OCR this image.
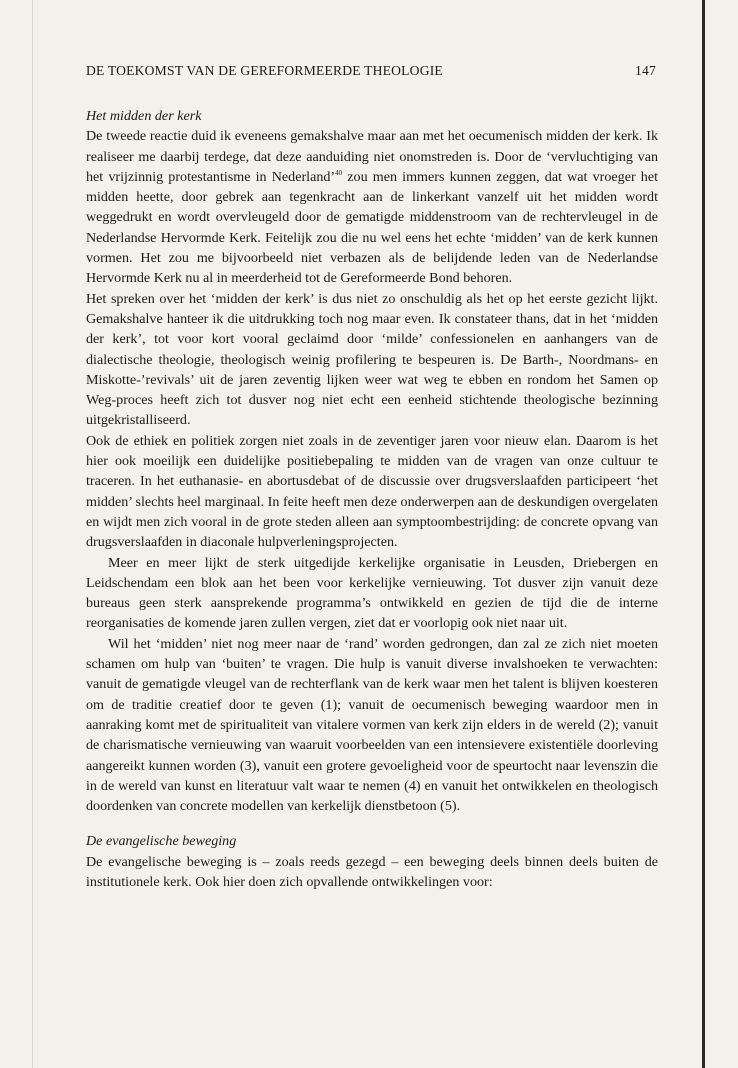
DE TOEKOMST VAN DE GEREFORMEERDE THEOLOGIE	147

Het midden der kerk

De tweede reactie duid ik eveneens gemakshalve maar aan met het oecumenisch midden der kerk. Ik realiseer me daarbij terdege, dat deze aanduiding niet onomstreden is. Door de ‘vervluchtiging van het vrijzinnig protestantisme in Nederland’$^{40}$ zou men immers kunnen zeggen, dat wat vroeger het midden heette, door gebrek aan tegenkracht aan de linkerkant vanzelf uit het midden wordt weggedrukt en wordt overvleugeld door de gematigde middenstroom van de rechtervleugel in de Nederlandse Hervormde Kerk. Feitelijk zou die nu wel eens het echte ‘midden’ van de kerk kunnen vormen. Het zou me bijvoorbeeld niet verbazen als de belijdende leden van de Nederlandse Hervormde Kerk nu al in meerderheid tot de Gereformeerde Bond behoren.

Het spreken over het ‘midden der kerk’ is dus niet zo onschuldig als het op het eerste gezicht lijkt. Gemakshalve hanteer ik die uitdrukking toch nog maar even. Ik constateer thans, dat in het ‘midden der kerk’, tot voor kort vooral geclaimd door ‘milde’ confessionelen en aanhangers van de dialectische theologie, theologisch weinig profilering te bespeuren is. De Barth-, Noordmans- en Miskotte-’revivals’ uit de jaren zeventig lijken weer wat weg te ebben en rondom het Samen op Weg-proces heeft zich tot dusver nog niet echt een eenheid stichtende theologische bezinning uitgekristalliseerd.

Ook de ethiek en politiek zorgen niet zoals in de zeventiger jaren voor nieuw elan. Daarom is het hier ook moeilijk een duidelijke positiebepaling te midden van de vragen van onze cultuur te traceren. In het euthanasie- en abortusdebat of de discussie over drugsverslaafden participeert ‘het midden’ slechts heel marginaal. In feite heeft men deze onderwerpen aan de deskundigen overgelaten en wijdt men zich vooral in de grote steden alleen aan symptoombestrijding: de concrete opvang van drugsverslaafden in diaconale hulpverleningsprojecten.

Meer en meer lijkt de sterk uitgedijde kerkelijke organisatie in Leusden, Driebergen en Leidschendam een blok aan het been voor kerkelijke vernieuwing. Tot dusver zijn vanuit deze bureaus geen sterk aansprekende programma’s ontwikkeld en gezien de tijd die de interne reorganisaties de komende jaren zullen vergen, ziet dat er voorlopig ook niet naar uit.

Wil het ‘midden’ niet nog meer naar de ‘rand’ worden gedrongen, dan zal ze zich niet moeten schamen om hulp van ‘buiten’ te vragen. Die hulp is vanuit diverse invalshoeken te verwachten: vanuit de gematigde vleugel van de rechterflank van de kerk waar men het talent is blijven koesteren om de traditie creatief door te geven (1); vanuit de oecumenisch beweging waardoor men in aanraking komt met de spiritualiteit van vitalere vormen van kerk zijn elders in de wereld (2); vanuit de charismatische vernieuwing van waaruit voorbeelden van een intensievere existentiële doorleving aangereikt kunnen worden (3), vanuit een grotere gevoeligheid voor de speurtocht naar levenszin die in de wereld van kunst en literatuur valt waar te nemen (4) en vanuit het ontwikkelen en theologisch doordenken van concrete modellen van kerkelijk dienstbetoon (5).

De evangelische beweging

De evangelische beweging is – zoals reeds gezegd – een beweging deels binnen deels buiten de institutionele kerk. Ook hier doen zich opvallende ontwikkelingen voor:
